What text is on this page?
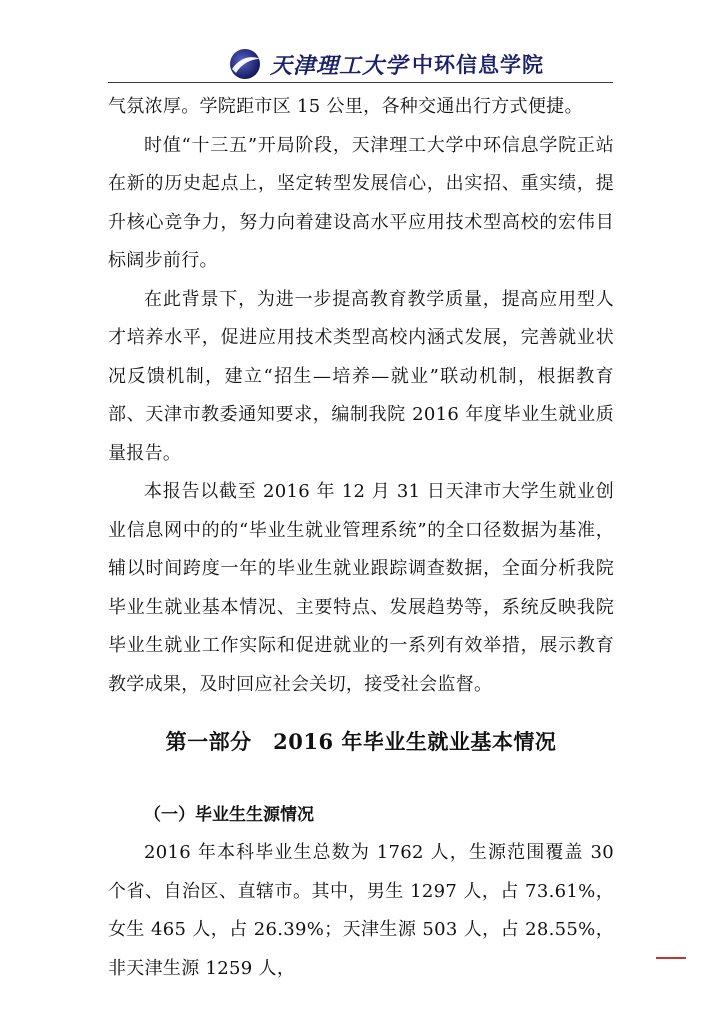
天津理工大学 中环信息学院

气氛浓厚。学院距市区 15 公里，各种交通出行方式便捷。

时值“十三五”开局阶段，天津理工大学中环信息学院正站在新的历史起点上，坚定转型发展信心，出实招、重实绩，提升核心竞争力，努力向着建设高水平应用技术型高校的宏伟目标阔步前行。

在此背景下，为进一步提高教育教学质量，提高应用型人才培养水平，促进应用技术类型高校内涵式发展，完善就业状况反馈机制，建立“招生—培养—就业”联动机制，根据教育部、天津市教委通知要求，编制我院 2016 年度毕业生就业质量报告。

本报告以截至 2016 年 12 月 31 日天津市大学生就业创业信息网中的的“毕业生就业管理系统”的全口径数据为基准，辅以时间跨度一年的毕业生就业跟踪调查数据，全面分析我院毕业生就业基本情况、主要特点、发展趋势等，系统反映我院毕业生就业工作实际和促进就业的一系列有效举措，展示教育教学成果，及时回应社会关切，接受社会监督。

第一部分　2016 年毕业生就业基本情况
（一）毕业生生源情况

2016 年本科毕业生总数为 1762 人，生源范围覆盖 30 个省、自治区、直辖市。其中，男生 1297 人，占 73.61%，女生 465 人，占 26.39%；天津生源 503 人，占 28.55%，非天津生源 1259 人，
